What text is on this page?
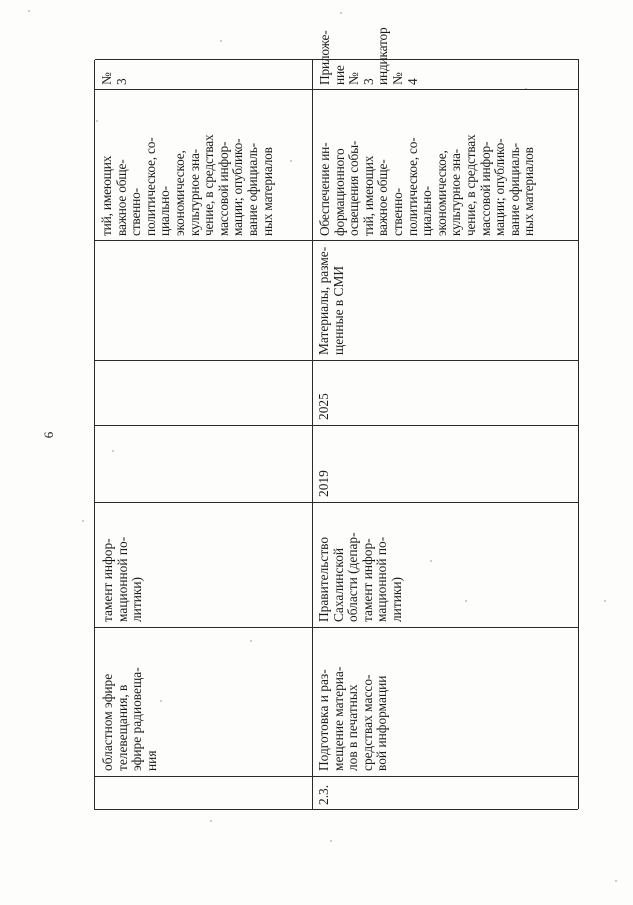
6
областном эфире
телевещания, в
эфире радиовеща-
ния
тамент инфор-
мационной по-
литики)
тий, имеющих
важное обще-
ственно-
политическое, со-
циально-
экономическое,
культурное зна-
чение, в средствах
массовой инфор-
мации; опублико-
вание официаль-
ных материалов
№ 3
2.3.
Подготовка и раз-
мещение материа-
лов в печатных
средствах массо-
вой информации
Правительство
Сахалинской
области (депар-
тамент инфор-
мационной по-
литики)
2019
2025
Материалы, разме-
щенные в СМИ
Обеспечение ин-
формационного
освещения собы-
тий, имеющих
важное обще-
ственно-
политическое, со-
циально-
экономическое,
культурное зна-
чение, в средствах
массовой инфор-
мации; опублико-
вание официаль-
ных материалов
Приложе-
ние № 3
индикатор
№ 4
